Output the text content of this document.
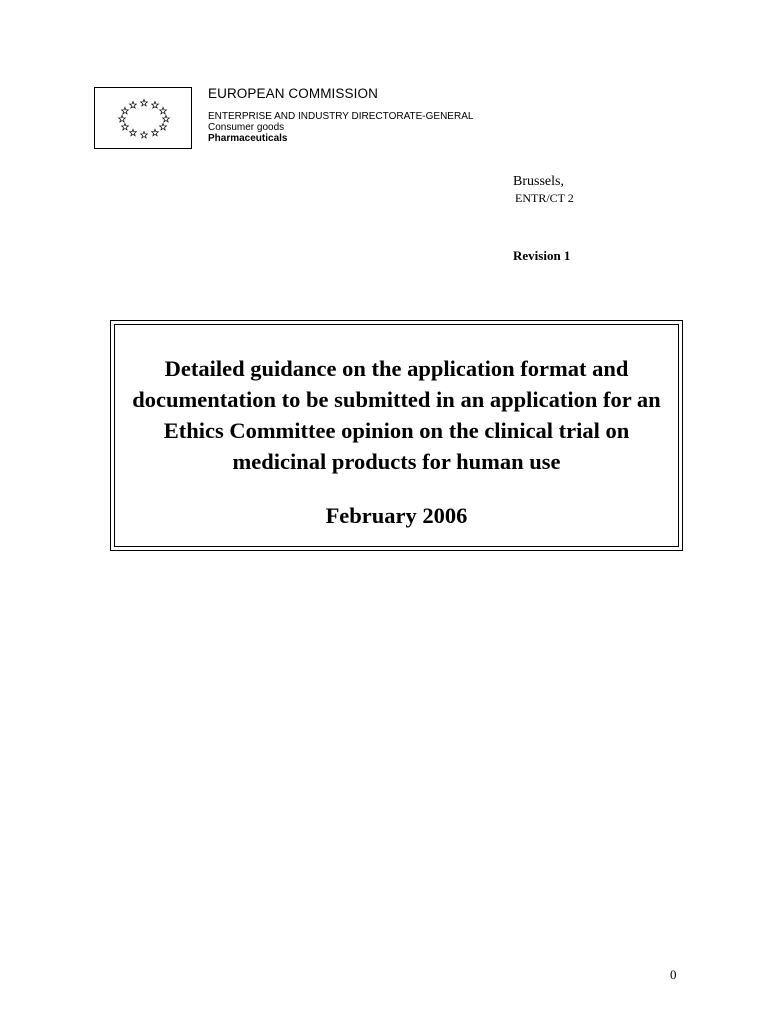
EUROPEAN COMMISSION
ENTERPRISE AND INDUSTRY DIRECTORATE-GENERAL
Consumer goods
Pharmaceuticals
Brussels,
ENTR/CT 2
Revision 1
Detailed guidance on the application format and documentation to be submitted in an application for an Ethics Committee opinion on the clinical trial on medicinal products for human use
February 2006
0
